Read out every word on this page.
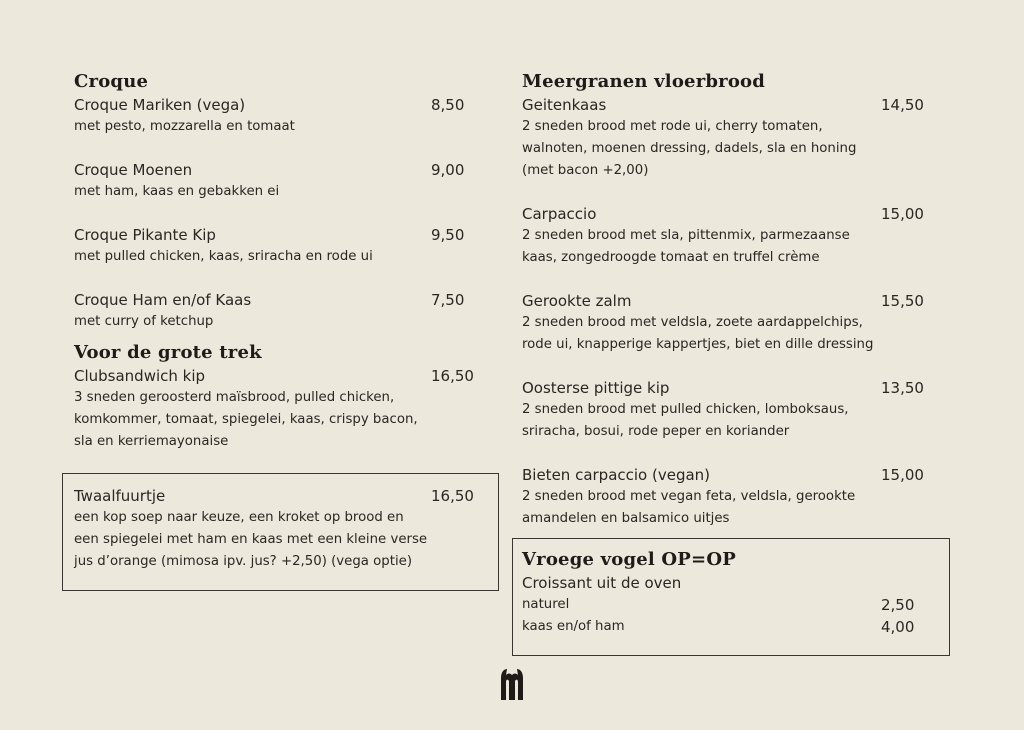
Croque
Croque Mariken (vega)	8,50
met pesto, mozzarella en tomaat
Croque Moenen	9,00
met ham, kaas en gebakken ei
Croque Pikante Kip	9,50
met pulled chicken, kaas, sriracha en rode ui
Croque Ham en/of Kaas	7,50
met curry of ketchup
Voor de grote trek
Clubsandwich kip	16,50
3 sneden geroosterd maïsbrood, pulled chicken,
komkommer, tomaat, spiegelei, kaas, crispy bacon,
sla en kerriemayonaise
Twaalfuurtje	16,50
een kop soep naar keuze, een kroket op brood en
een spiegelei met ham en kaas met een kleine verse
jus d’orange (mimosa ipv. jus? +2,50) (vega optie)
Meergranen vloerbrood
Geitenkaas	14,50
2 sneden brood met rode ui, cherry tomaten,
walnoten, moenen dressing, dadels, sla en honing
(met bacon +2,00)
Carpaccio	15,00
2 sneden brood met sla, pittenmix, parmezaanse
kaas, zongedroogde tomaat en truffel crème
Gerookte zalm	15,50
2 sneden brood met veldsla, zoete aardappelchips,
rode ui, knapperige kappertjes, biet en dille dressing
Oosterse pittige kip	13,50
2 sneden brood met pulled chicken, lomboksaus,
sriracha, bosui, rode peper en koriander
Bieten carpaccio (vegan)	15,00
2 sneden brood met vegan feta, veldsla, gerookte
amandelen en balsamico uitjes
Vroege vogel OP=OP
Croissant uit de oven
naturel	2,50
kaas en/of ham	4,00
